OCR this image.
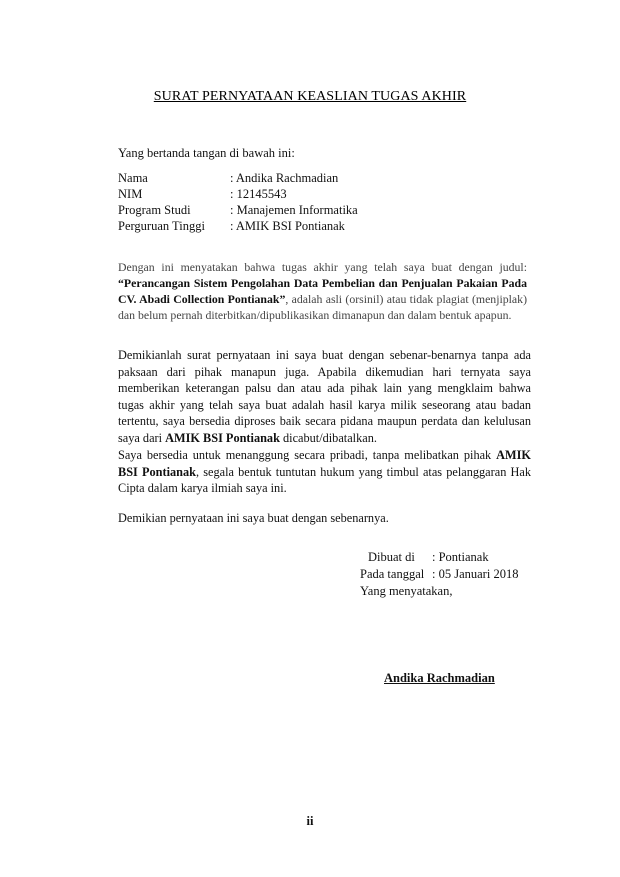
SURAT PERNYATAAN KEASLIAN TUGAS AKHIR
Yang bertanda tangan di bawah ini:
Nama	: Andika Rachmadian
NIM	: 12145543
Program Studi	: Manajemen Informatika
Perguruan Tinggi	: AMIK BSI Pontianak
Dengan ini menyatakan bahwa tugas akhir yang telah saya buat dengan judul: “Perancangan Sistem Pengolahan Data Pembelian dan Penjualan Pakaian Pada CV. Abadi Collection Pontianak”, adalah asli (orsinil) atau tidak plagiat (menjiplak) dan belum pernah diterbitkan/dipublikasikan dimanapun dan dalam bentuk apapun.
Demikianlah surat pernyataan ini saya buat dengan sebenar-benarnya tanpa ada paksaan dari pihak manapun juga. Apabila dikemudian hari ternyata saya memberikan keterangan palsu dan atau ada pihak lain yang mengklaim bahwa tugas akhir yang telah saya buat adalah hasil karya milik seseorang atau badan tertentu, saya bersedia diproses baik secara pidana maupun perdata dan kelulusan saya dari AMIK BSI Pontianak dicabut/dibatalkan.
Saya bersedia untuk menanggung secara pribadi, tanpa melibatkan pihak AMIK BSI Pontianak, segala bentuk tuntutan hukum yang timbul atas pelanggaran Hak Cipta dalam karya ilmiah saya ini.
Demikian pernyataan ini saya buat dengan sebenarnya.
Dibuat di	: Pontianak
Pada tanggal : 05 Januari 2018
Yang menyatakan,
Andika Rachmadian
ii
